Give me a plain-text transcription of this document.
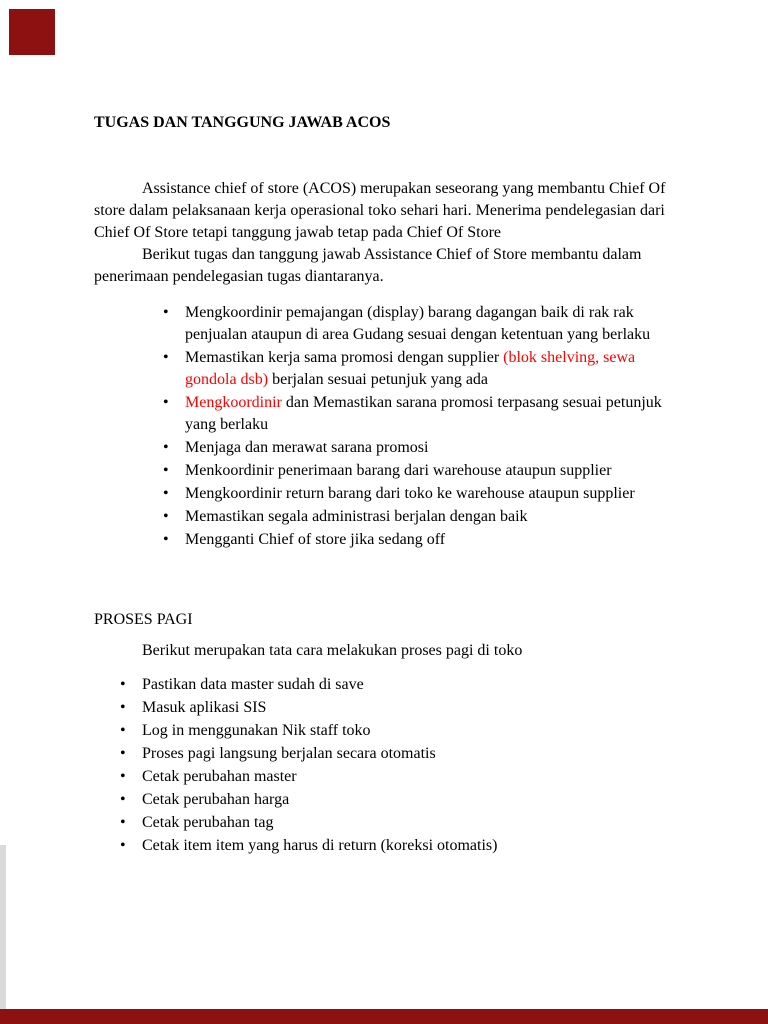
TUGAS DAN TANGGUNG JAWAB ACOS

Assistance chief of store (ACOS) merupakan seseorang yang membantu Chief Of store dalam pelaksanaan kerja operasional toko sehari hari. Menerima pendelegasian dari Chief Of Store tetapi tanggung jawab tetap pada Chief Of Store

Berikut tugas dan tanggung jawab Assistance Chief of Store membantu dalam penerimaan pendelegasian tugas diantaranya.

• Mengkoordinir pemajangan (display) barang dagangan baik di rak rak penjualan ataupun di area Gudang sesuai dengan ketentuan yang berlaku
• Memastikan kerja sama promosi dengan supplier (blok shelving, sewa gondola dsb) berjalan sesuai petunjuk yang ada
• Mengkoordinir dan Memastikan sarana promosi terpasang sesuai petunjuk yang berlaku
• Menjaga dan merawat sarana promosi
• Menkoordinir penerimaan barang dari warehouse ataupun supplier
• Mengkoordinir return barang dari toko ke warehouse ataupun supplier
• Memastikan segala administrasi berjalan dengan baik
• Mengganti Chief of store jika sedang off
PROSES PAGI

Berikut merupakan tata cara melakukan proses pagi di toko

• Pastikan data master sudah di save
• Masuk aplikasi SIS
• Log in menggunakan Nik staff toko
• Proses pagi langsung berjalan secara otomatis
• Cetak perubahan master
• Cetak perubahan harga
• Cetak perubahan tag
• Cetak item item yang harus di return (koreksi otomatis)
